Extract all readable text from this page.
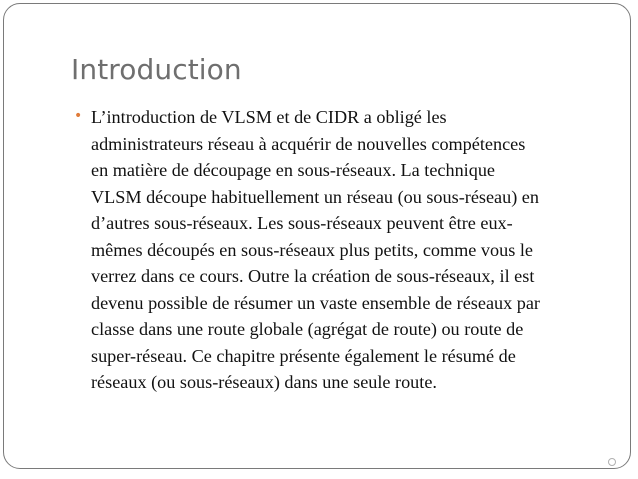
Introduction
• L’introduction de VLSM et de CIDR a obligé les
administrateurs réseau à acquérir de nouvelles compétences
en matière de découpage en sous-réseaux. La technique
VLSM découpe habituellement un réseau (ou sous-réseau) en
d’autres sous-réseaux. Les sous-réseaux peuvent être eux-
mêmes découpés en sous-réseaux plus petits, comme vous le
verrez dans ce cours. Outre la création de sous-réseaux, il est
devenu possible de résumer un vaste ensemble de réseaux par
classe dans une route globale (agrégat de route) ou route de
super-réseau. Ce chapitre présente également le résumé de
réseaux (ou sous-réseaux) dans une seule route.
